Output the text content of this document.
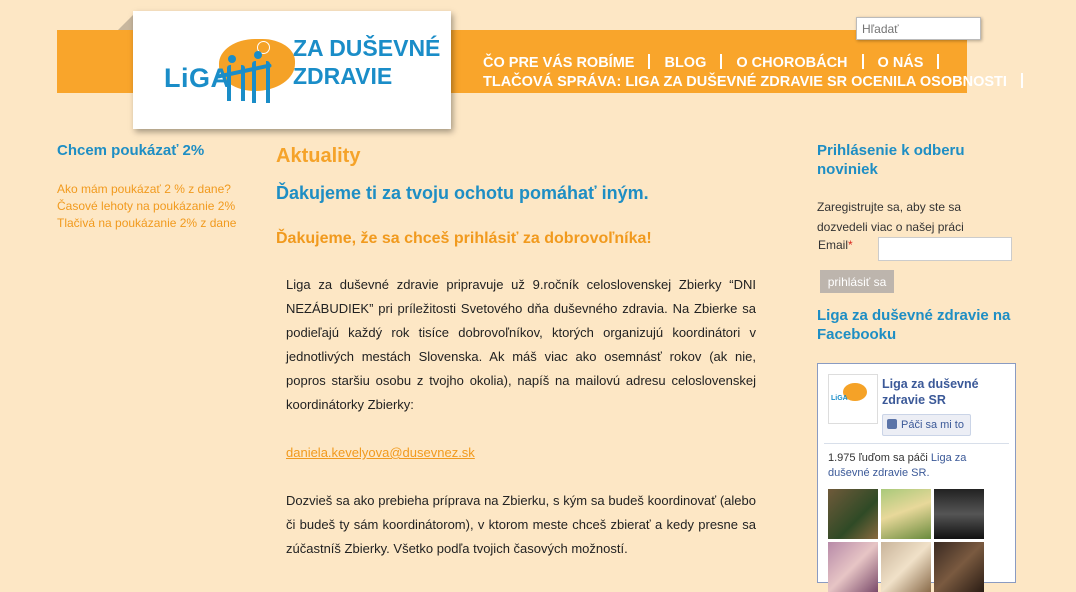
LiGA
ZA DUŠEVNÉ
ZDRAVIE	ČO PRE VÁS ROBÍME BLOG O CHOROBÁCH O NÁS
TLAČOVÁ SPRÁVA: LIGA ZA DUŠEVNÉ ZDRAVIE SR OCENILA OSOBNOSTI
Hľadať
Chcem poukázať 2%
Ako mám poukázať 2 % z dane?
Časové lehoty na poukázanie 2%
Tlačivá na poukázanie 2% z dane
Aktuality
Ďakujeme ti za tvoju ochotu pomáhať iným.
Ďakujeme, že sa chceš prihlásiť za dobrovoľníka!

Liga za duševné zdravie pripravuje už 9.ročník celoslovenskej Zbierky “DNI NEZÁBUDIEK” pri príležitosti Svetového dňa duševného zdravia. Na Zbierke sa podieľajú každý rok tisíce dobrovoľníkov, ktorých organizujú koordinátori v jednotlivých mestách Slovenska. Ak máš viac ako osemnásť rokov (ak nie, popros staršiu osobu z tvojho okolia), napíš na mailovú adresu celoslovenskej koordinátorky Zbierky:

daniela.kevelyova@dusevnez.sk

Dozvieš sa ako prebieha príprava na Zbierku, s kým sa budeš koordinovať (alebo či budeš ty sám koordinátorom), v ktorom meste chceš zbierať a kedy presne sa zúčastníš Zbierky. Všetko podľa tvojich časových možností.

Prihlásenie k odberu noviniek
Zaregistrujte sa, aby ste sa dozvedeli viac o našej práci
Email*
prihlásiť sa
Liga za duševné zdravie na Facebooku
LiGA
Liga za duševné zdravie SR
Páči sa mi to
1.975 ľuďom sa páči Liga za duševné zdravie SR.
